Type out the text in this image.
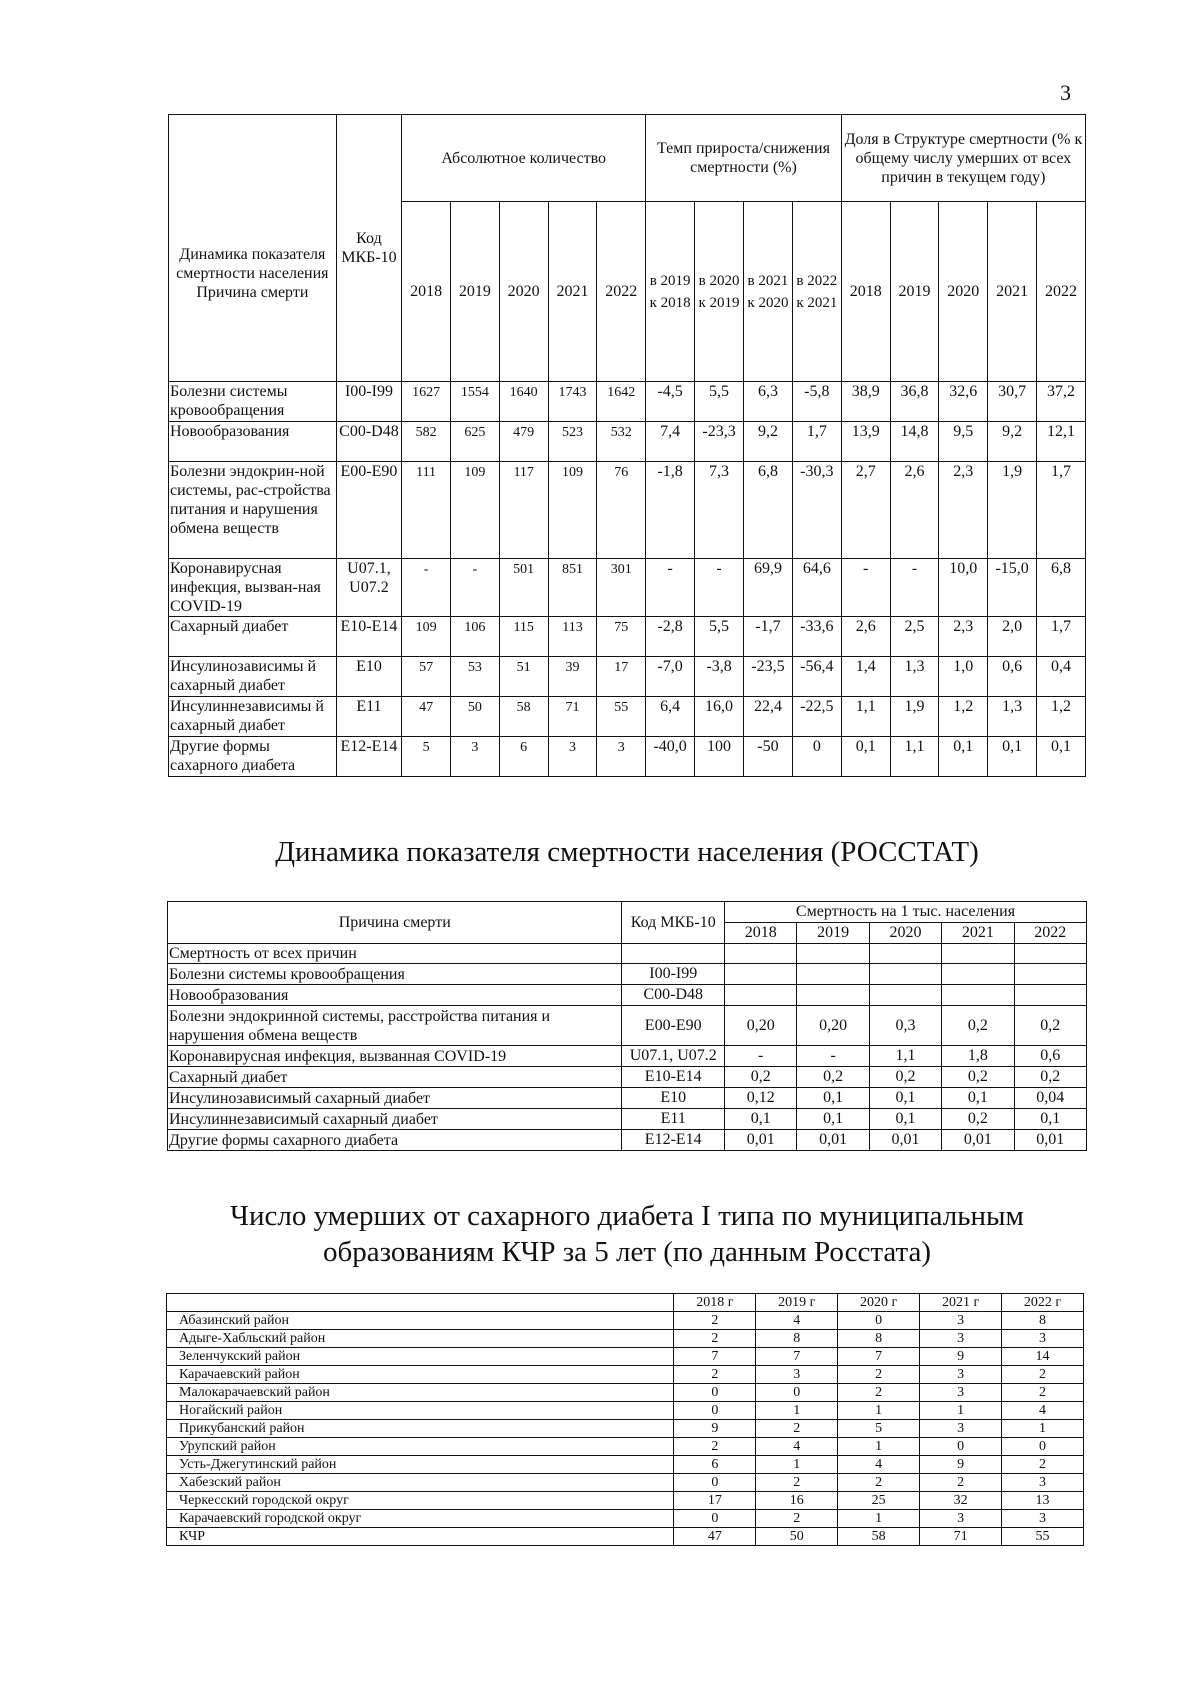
3
Динамика показателя смертности населения Причина смерти	Код МКБ-10	Абсолютное количество					Темп прироста/снижения смертности (%)				Доля в Структуре смертности (% к общему числу умерших от всех причин в текущем году)				
		2018	2019	2020	2021	2022	в 2019 к 2018	в 2020 к 2019	в 2021 к 2020	в 2022 к 2021	2018	2019	2020	2021	2022
Болезни системы кровообращения	I00-I99	1627	1554	1640	1743	1642	-4,5	5,5	6,3	-5,8	38,9	36,8	32,6	30,7	37,2
Новообразования	C00-D48	582	625	479	523	532	7,4	-23,3	9,2	1,7	13,9	14,8	9,5	9,2	12,1
Болезни эндокрин-ной системы, рас-стройства питания и нарушения обмена веществ	E00-E90	111	109	117	109	76	-1,8	7,3	6,8	-30,3	2,7	2,6	2,3	1,9	1,7
Коронавирусная инфекция, вызван-ная COVID-19	U07.1, U07.2	-	-	501	851	301	-	-	69,9	64,6	-	-	10,0	-15,0	6,8
Сахарный диабет	E10-E14	109	106	115	113	75	-2,8	5,5	-1,7	-33,6	2,6	2,5	2,3	2,0	1,7
Инсулинозависимы й сахарный диабет	E10	57	53	51	39	17	-7,0	-3,8	-23,5	-56,4	1,4	1,3	1,0	0,6	0,4
Инсулиннезависимы й сахарный диабет	E11	47	50	58	71	55	6,4	16,0	22,4	-22,5	1,1	1,9	1,2	1,3	1,2
Другие формы сахарного диабета	E12-E14	5	3	6	3	3	-40,0	100	-50	0	0,1	1,1	0,1	0,1	0,1
Динамика показателя смертности населения (РОССТАТ)
Причина смерти	Код МКБ-10	Смертность на 1 тыс. населения				
		2018	2019	2020	2021	2022
Смертность от всех причин						
Болезни системы кровообращения	I00-I99					
Новообразования	C00-D48					
Болезни эндокринной системы, расстройства питания и нарушения обмена веществ	E00-E90	0,20	0,20	0,3	0,2	0,2
Коронавирусная инфекция, вызванная COVID-19	U07.1, U07.2	-	-	1,1	1,8	0,6
Сахарный диабет	E10-E14	0,2	0,2	0,2	0,2	0,2
Инсулинозависимый сахарный диабет	E10	0,12	0,1	0,1	0,1	0,04
Инсулиннезависимый сахарный диабет	E11	0,1	0,1	0,1	0,2	0,1
Другие формы сахарного диабета	E12-E14	0,01	0,01	0,01	0,01	0,01
Число умерших от сахарного диабета I типа по муниципальным образованиям КЧР за 5 лет (по данным Росстата)
	2018 г	2019 г	2020 г	2021 г	2022 г
Абазинский район	2	4	0	3	8
Адыге-Хабльский район	2	8	8	3	3
Зеленчукский район	7	7	7	9	14
Карачаевский район	2	3	2	3	2
Малокарачаевский район	0	0	2	3	2
Ногайский район	0	1	1	1	4
Прикубанский район	9	2	5	3	1
Урупский район	2	4	1	0	0
Усть-Джегутинский район	6	1	4	9	2
Хабезский район	0	2	2	2	3
Черкесский городской округ	17	16	25	32	13
Карачаевский городской округ	0	2	1	3	3
КЧР	47	50	58	71	55
